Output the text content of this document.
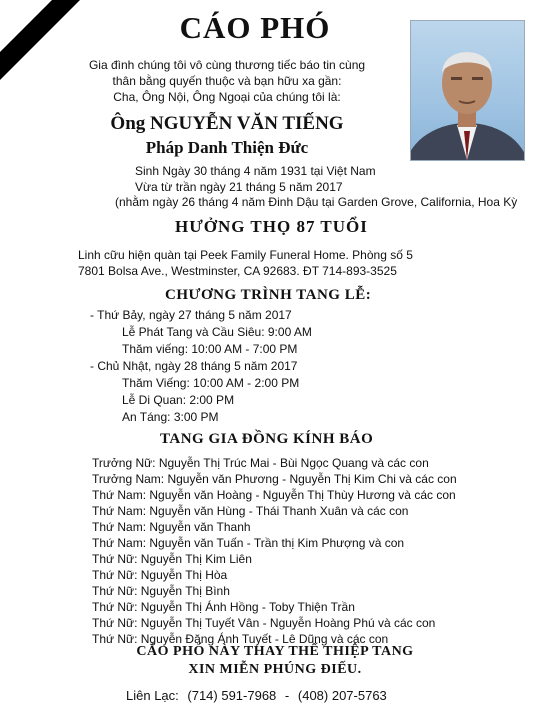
CÁO PHÓ
Gia đình chúng tôi vô cùng thương tiếc báo tin cùng
thân bằng quyến thuộc và bạn hữu xa gần:
Cha, Ông Nội, Ông Ngoại của chúng tôi là:
Ông NGUYỄN VĂN TIẾNG
Pháp Danh Thiện Đức
Sinh Ngày 30 tháng 4 năm 1931 tại Việt Nam
Vừa từ trần ngày 21 tháng 5 năm 2017
(nhằm ngày 26 tháng 4 năm Đinh Dậu tại Garden Grove, California, Hoa Kỳ
HƯỞNG THỌ 87 TUỔI
Linh cữu hiện quàn tại Peek Family Funeral Home. Phòng số 5
7801 Bolsa Ave., Westminster, CA 92683. ĐT 714-893-3525
CHƯƠNG TRÌNH TANG LỄ:
- Thứ Bảy, ngày 27 tháng 5 năm 2017
Lễ Phát Tang và Cầu Siêu: 9:00 AM
Thăm viếng: 10:00 AM - 7:00 PM
- Chủ Nhật, ngày 28 tháng 5 năm 2017
Thăm Viếng: 10:00 AM - 2:00 PM
Lễ Di Quan: 2:00 PM
An Táng: 3:00 PM
TANG GIA ĐỒNG KÍNH BÁO
Trưởng Nữ: Nguyễn Thị Trúc Mai - Bùi Ngọc Quang và các con
Trưởng Nam: Nguyễn văn Phương - Nguyễn Thị Kim Chi và các con
Thứ Nam: Nguyễn văn Hoàng - Nguyễn Thị Thùy Hương và các con
Thứ Nam: Nguyễn văn Hùng - Thái Thanh Xuân và các con
Thứ Nam: Nguyễn văn Thanh
Thứ Nam: Nguyễn văn Tuấn - Trần thị Kim Phượng và con
Thứ Nữ: Nguyễn Thị Kim Liên
Thứ Nữ: Nguyễn Thị Hòa
Thứ Nữ: Nguyễn Thị Bình
Thứ Nữ: Nguyễn Thị Ánh Hồng - Toby Thiện Trần
Thứ Nữ: Nguyễn Thị Tuyết Vân - Nguyễn Hoàng Phú và các con
Thứ Nữ: Nguyễn Đặng Ánh Tuyết - Lê Dũng và các con
CÁO PHÓ NÀY THAY THẾ THIỆP TANG
XIN MIỄN PHÚNG ĐIẾU.
Liên Lạc: (714) 591-7968 - (408) 207-5763
